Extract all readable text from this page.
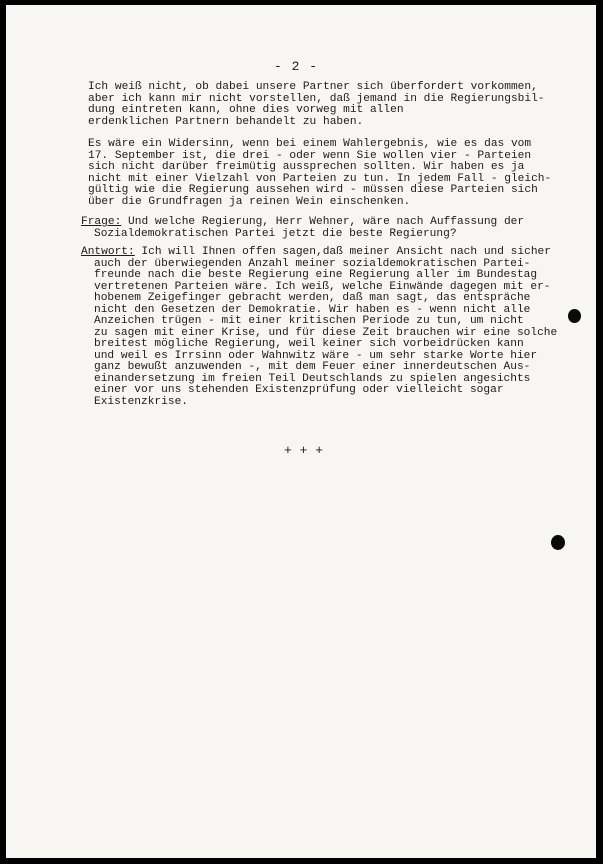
- 2 -
Ich weiß nicht, ob dabei unsere Partner sich überfordert vorkommen,
aber ich kann mir nicht vorstellen, daß jemand in die Regierungsbil-
dung eintreten kann, ohne dies vorweg mit allen
erdenklichen Partnern behandelt zu haben.
Es wäre ein Widersinn, wenn bei einem Wahlergebnis, wie es das vom
17. September ist, die drei - oder wenn Sie wollen vier - Parteien
sich nicht darüber freimütig aussprechen sollten. Wir haben es ja
nicht mit einer Vielzahl von Parteien zu tun. In jedem Fall - gleich-
gültig wie die Regierung aussehen wird - müssen diese Parteien sich
über die Grundfragen ja reinen Wein einschenken.
Frage: Und welche Regierung, Herr Wehner, wäre nach Auffassung der
Sozialdemokratischen Partei jetzt die beste Regierung?
Antwort: Ich will Ihnen offen sagen,daß meiner Ansicht nach und sicher
auch der überwiegenden Anzahl meiner sozialdemokratischen Partei-
freunde nach die beste Regierung eine Regierung aller im Bundestag
vertretenen Parteien wäre. Ich weiß, welche Einwände dagegen mit er-
hobenem Zeigefinger gebracht werden, daß man sagt, das entspräche
nicht den Gesetzen der Demokratie. Wir haben es - wenn nicht alle
Anzeichen trügen - mit einer kritischen Periode zu tun, um nicht
zu sagen mit einer Krise, und für diese Zeit brauchen wir eine solche
breitest mögliche Regierung, weil keiner sich vorbeidrücken kann
und weil es Irrsinn oder Wahnwitz wäre - um sehr starke Worte hier
ganz bewußt anzuwenden -, mit dem Feuer einer innerdeutschen Aus-
einandersetzung im freien Teil Deutschlands zu spielen angesichts
einer vor uns stehenden Existenzprüfung oder vielleicht sogar
Existenzkrise.
+ + +
